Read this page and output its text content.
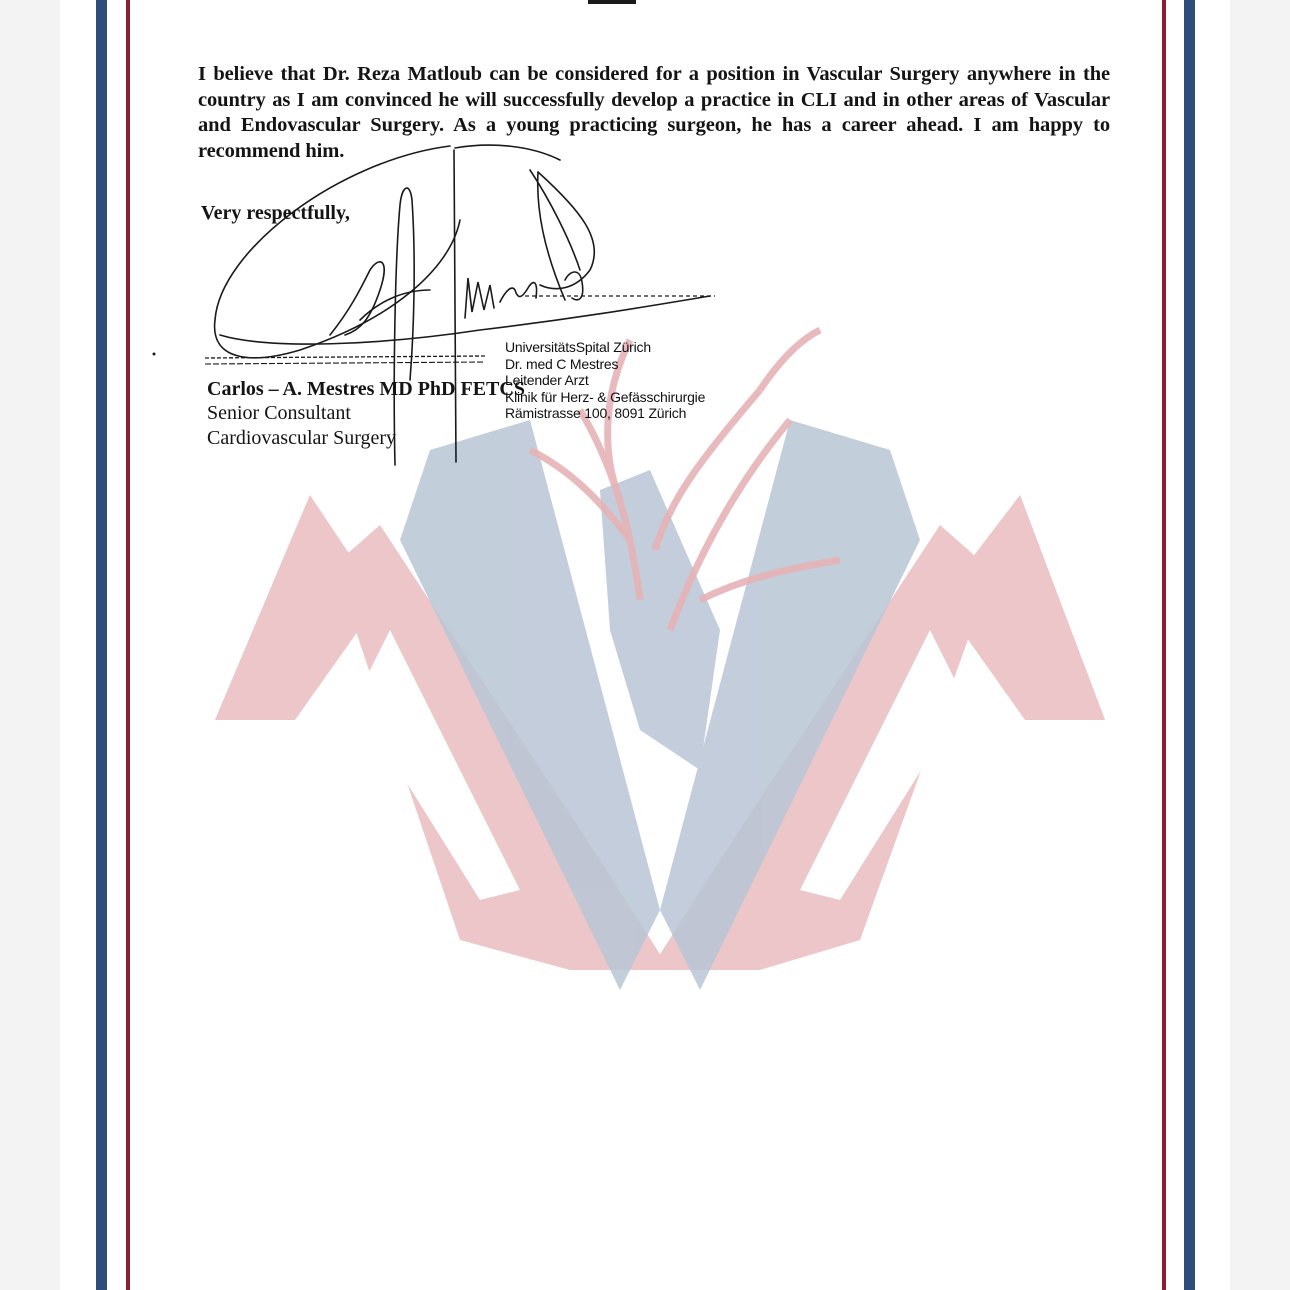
I believe that Dr. Reza Matloub can be considered for a position in Vascular Surgery anywhere in the country as I am convinced he will successfully develop a practice in CLI and in other areas of Vascular and Endovascular Surgery. As a young practicing surgeon, he has a career ahead. I am happy to recommend him.
Very respectfully,
Carlos – A. Mestres MD PhD FETCS
Senior Consultant
Cardiovascular Surgery
UniversitätsSpital Zürich
Dr. med C Mestres
Leitender Arzt
Klinik für Herz- & Gefässchirurgie
Rämistrasse 100, 8091 Zürich
